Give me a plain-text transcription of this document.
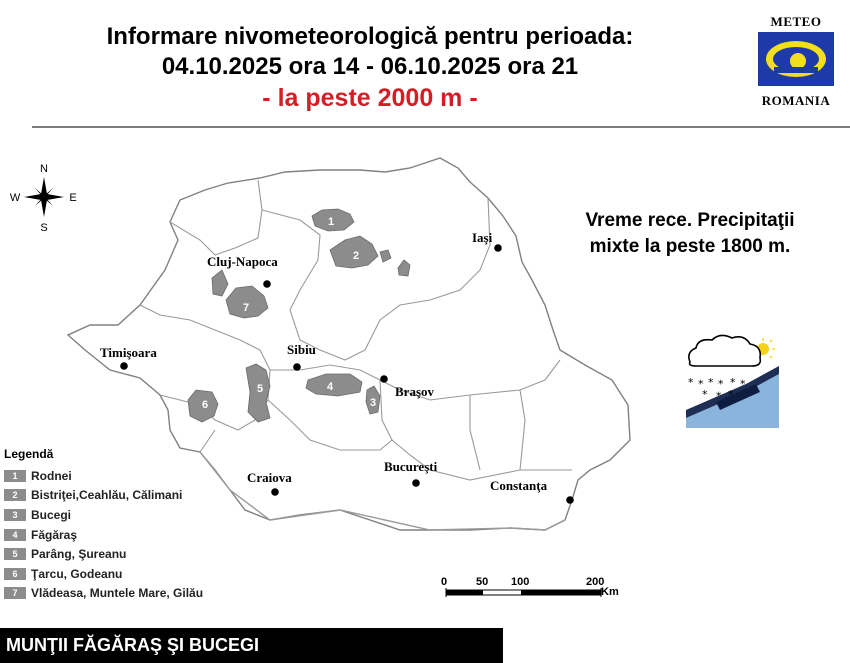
Informare nivometeorologică pentru perioada:
04.10.2025 ora 14 - 06.10.2025 ora 21
- la peste 2000 m -
METEO
ROMANIA
1
2
3
4
5
6
7
N
S
E
W
* ⁎ * ⁎ * ⁎
* ⁎ *
Cluj-Napoca
Iaşi
Timişoara	Sibiu
Braşov
Craiova
Bucureşti
Constanţa
Vreme rece. Precipitaţii
mixte la peste 1800 m.
Legendă
1	Rodnei
2	Bistriţei,Ceahlău, Călimani
3	Bucegi
4	Făgăraş
5	Parâng, Şureanu
6	Ţarcu, Godeanu
7	Vlădeasa, Muntele Mare, Gilău
0	50 100	200
Km
MUNŢII FĂGĂRAŞ ŞI BUCEGI
